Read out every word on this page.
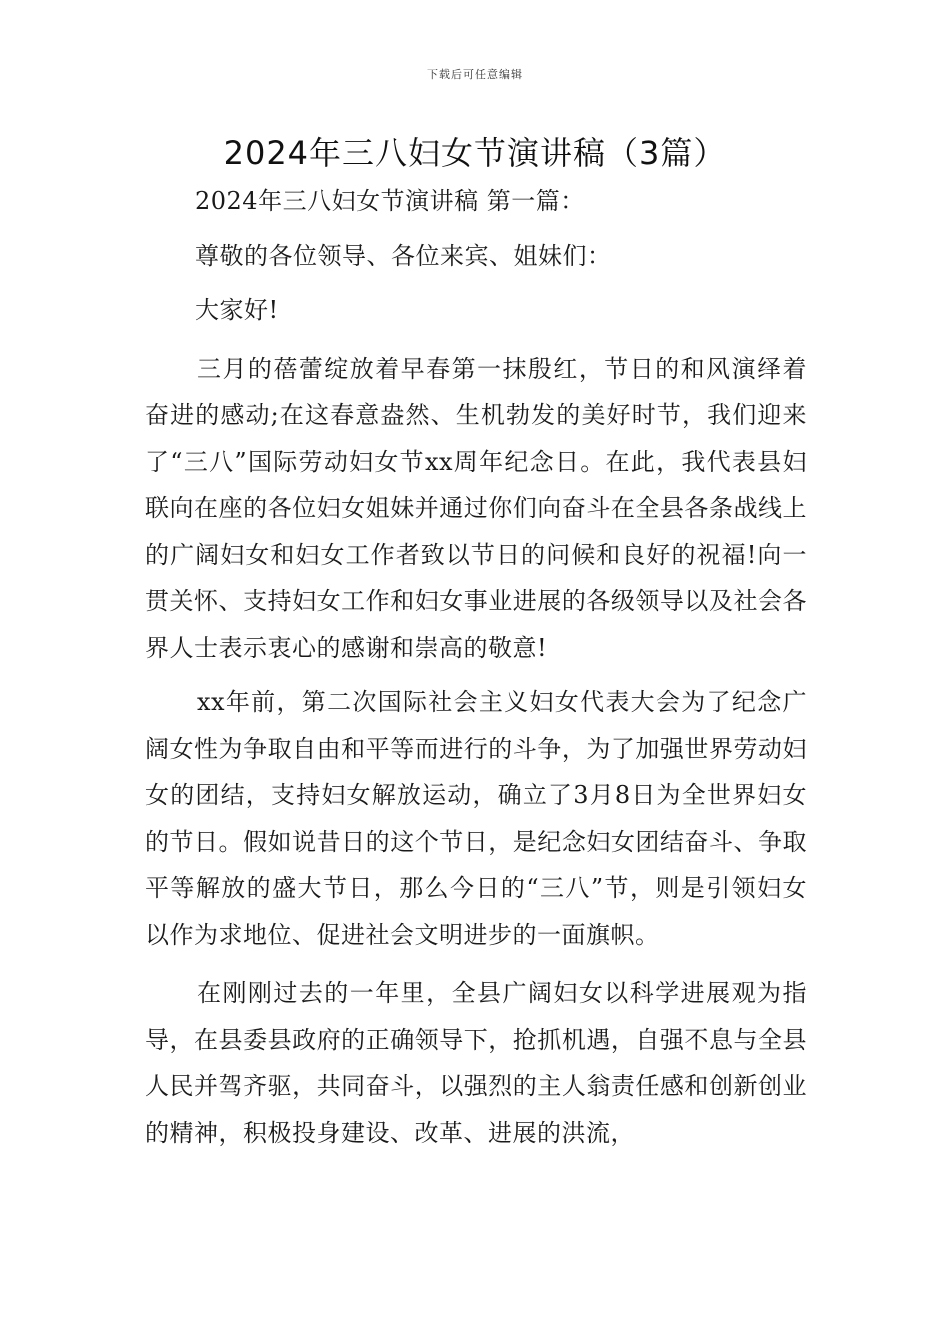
下载后可任意编辑
2024年三八妇女节演讲稿（3篇）

2024年三八妇女节演讲稿 第一篇：

尊敬的各位领导、各位来宾、姐妹们：

大家好!

三月的蓓蕾绽放着早春第一抹殷红，节日的和风演绎着奋进的感动;在这春意盎然、生机勃发的美好时节，我们迎来了“三八”国际劳动妇女节xx周年纪念日。在此，我代表县妇联向在座的各位妇女姐妹并通过你们向奋斗在全县各条战线上的广阔妇女和妇女工作者致以节日的问候和良好的祝福!向一贯关怀、支持妇女工作和妇女事业进展的各级领导以及社会各界人士表示衷心的感谢和崇高的敬意!

xx年前，第二次国际社会主义妇女代表大会为了纪念广阔女性为争取自由和平等而进行的斗争，为了加强世界劳动妇女的团结，支持妇女解放运动，确立了3月8日为全世界妇女的节日。假如说昔日的这个节日，是纪念妇女团结奋斗、争取平等解放的盛大节日，那么今日的“三八”节，则是引领妇女以作为求地位、促进社会文明进步的一面旗帜。

在刚刚过去的一年里，全县广阔妇女以科学进展观为指导，在县委县政府的正确领导下，抢抓机遇，自强不息与全县人民并驾齐驱，共同奋斗，以强烈的主人翁责任感和创新创业的精神，积极投身建设、改革、进展的洪流，
